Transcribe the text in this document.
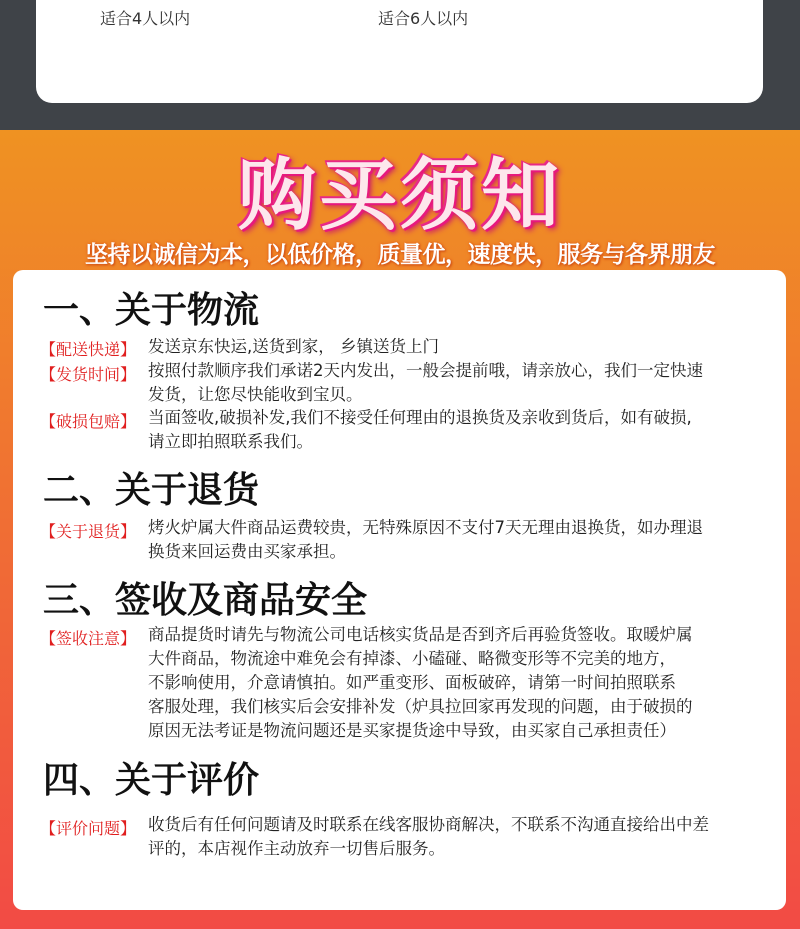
适合4人以内	适合6人以内
购买须知
坚持以诚信为本，以低价格，质量优，速度快，服务与各界朋友
一、关于物流
【配送快递】 发送京东快运,送货到家， 乡镇送货上门
【发货时间】 按照付款顺序我们承诺2天内发出，一般会提前哦，请亲放心，我们一定快速
发货，让您尽快能收到宝贝。
【破损包赔】 当面签收,破损补发,我们不接受任何理由的退换货及亲收到货后，如有破损,
请立即拍照联系我们。
二、关于退货
【关于退货】 烤火炉属大件商品运费较贵，无特殊原因不支付7天无理由退换货，如办理退
换货来回运费由买家承担。
三、签收及商品安全
【签收注意】 商品提货时请先与物流公司电话核实货品是否到齐后再验货签收。取暖炉属
大件商品，物流途中难免会有掉漆、小磕碰、略微变形等不完美的地方，
不影响使用，介意请慎拍。如严重变形、面板破碎，请第一时间拍照联系
客服处理，我们核实后会安排补发（炉具拉回家再发现的问题，由于破损的
原因无法考证是物流问题还是买家提货途中导致，由买家自己承担责任）
四、关于评价
【评价问题】 收货后有任何问题请及时联系在线客服协商解决，不联系不沟通直接给出中差
评的，本店视作主动放弃一切售后服务。
